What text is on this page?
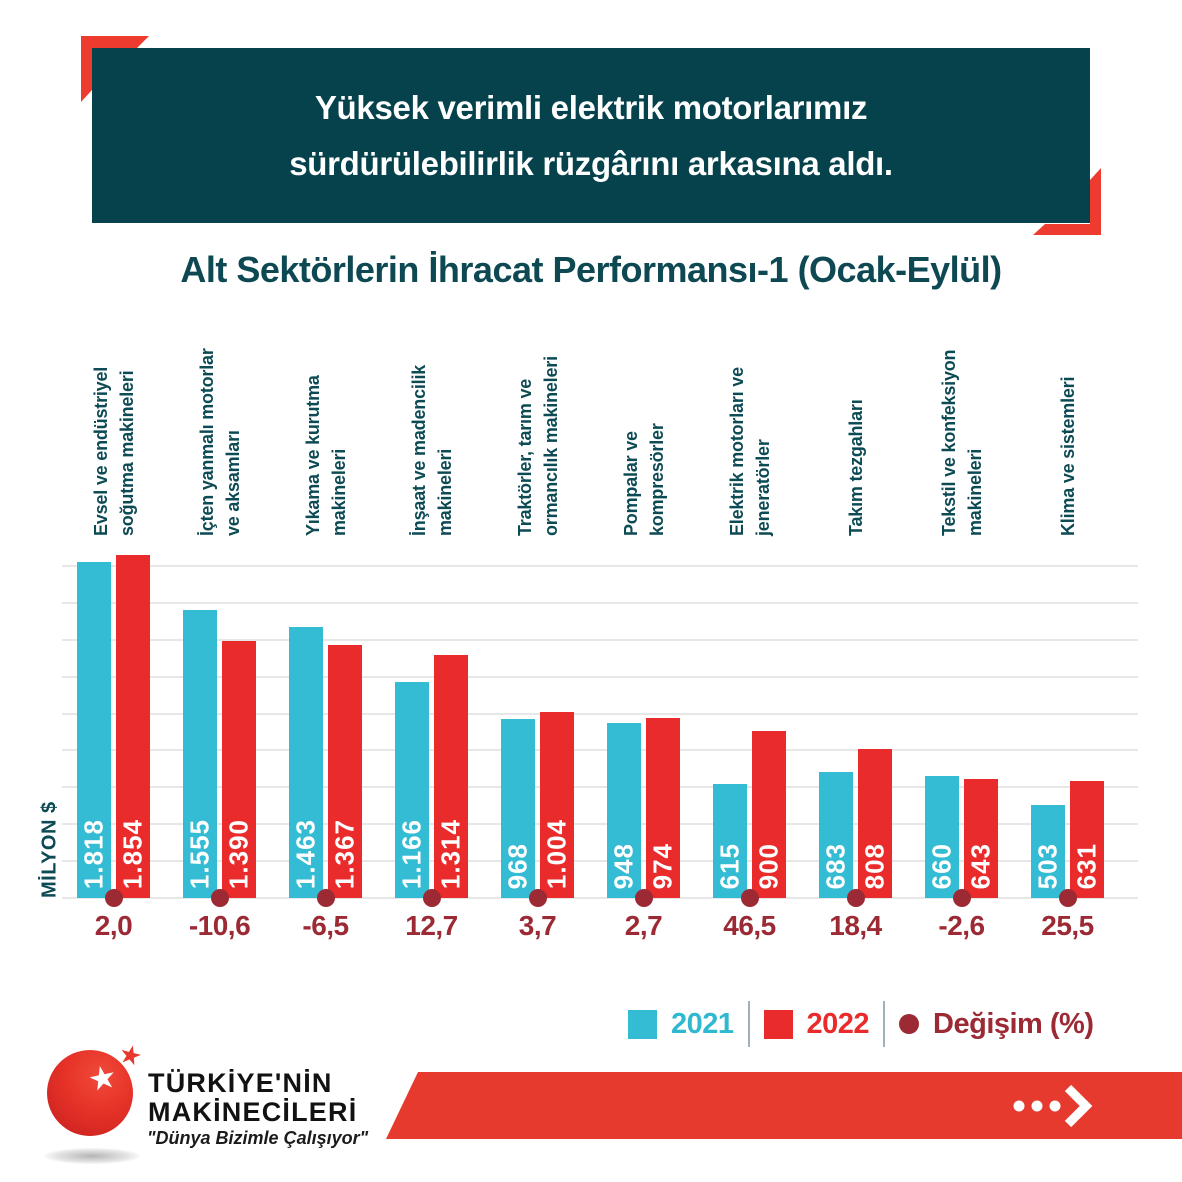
Yüksek verimli elektrik motorlarımız
sürdürülebilirlik rüzgârını arkasına aldı.
Alt Sektörlerin İhracat Performansı-1 (Ocak-Eylül)
MİLYON $ 1.818 1.854 1.555 1.390 1.463 1.367 1.166 1.314 968 1.004 948 974 615 900 683 808 660 643 503 631
Evsel ve endüstriyel soğutma makineleri
2,0
İçten yanmalı motorlar ve aksamları
-10,6
Yıkama ve kurutma makineleri
-6,5
İnşaat ve madencilik makineleri
12,7
Traktörler, tarım ve ormancılık makineleri
3,7
Pompalar ve kompresörler
2,7
Elektrik motorları ve jeneratörler
46,5
Takım tezgahları
18,4
Tekstil ve konfeksiyon makineleri
-2,6
Klima ve sistemleri
25,5
2021	2022 Değişim (%)
★
★
TÜRKİYE'NİN
MAKİNECİLERİ
"Dünya Bizimle Çalışıyor"
